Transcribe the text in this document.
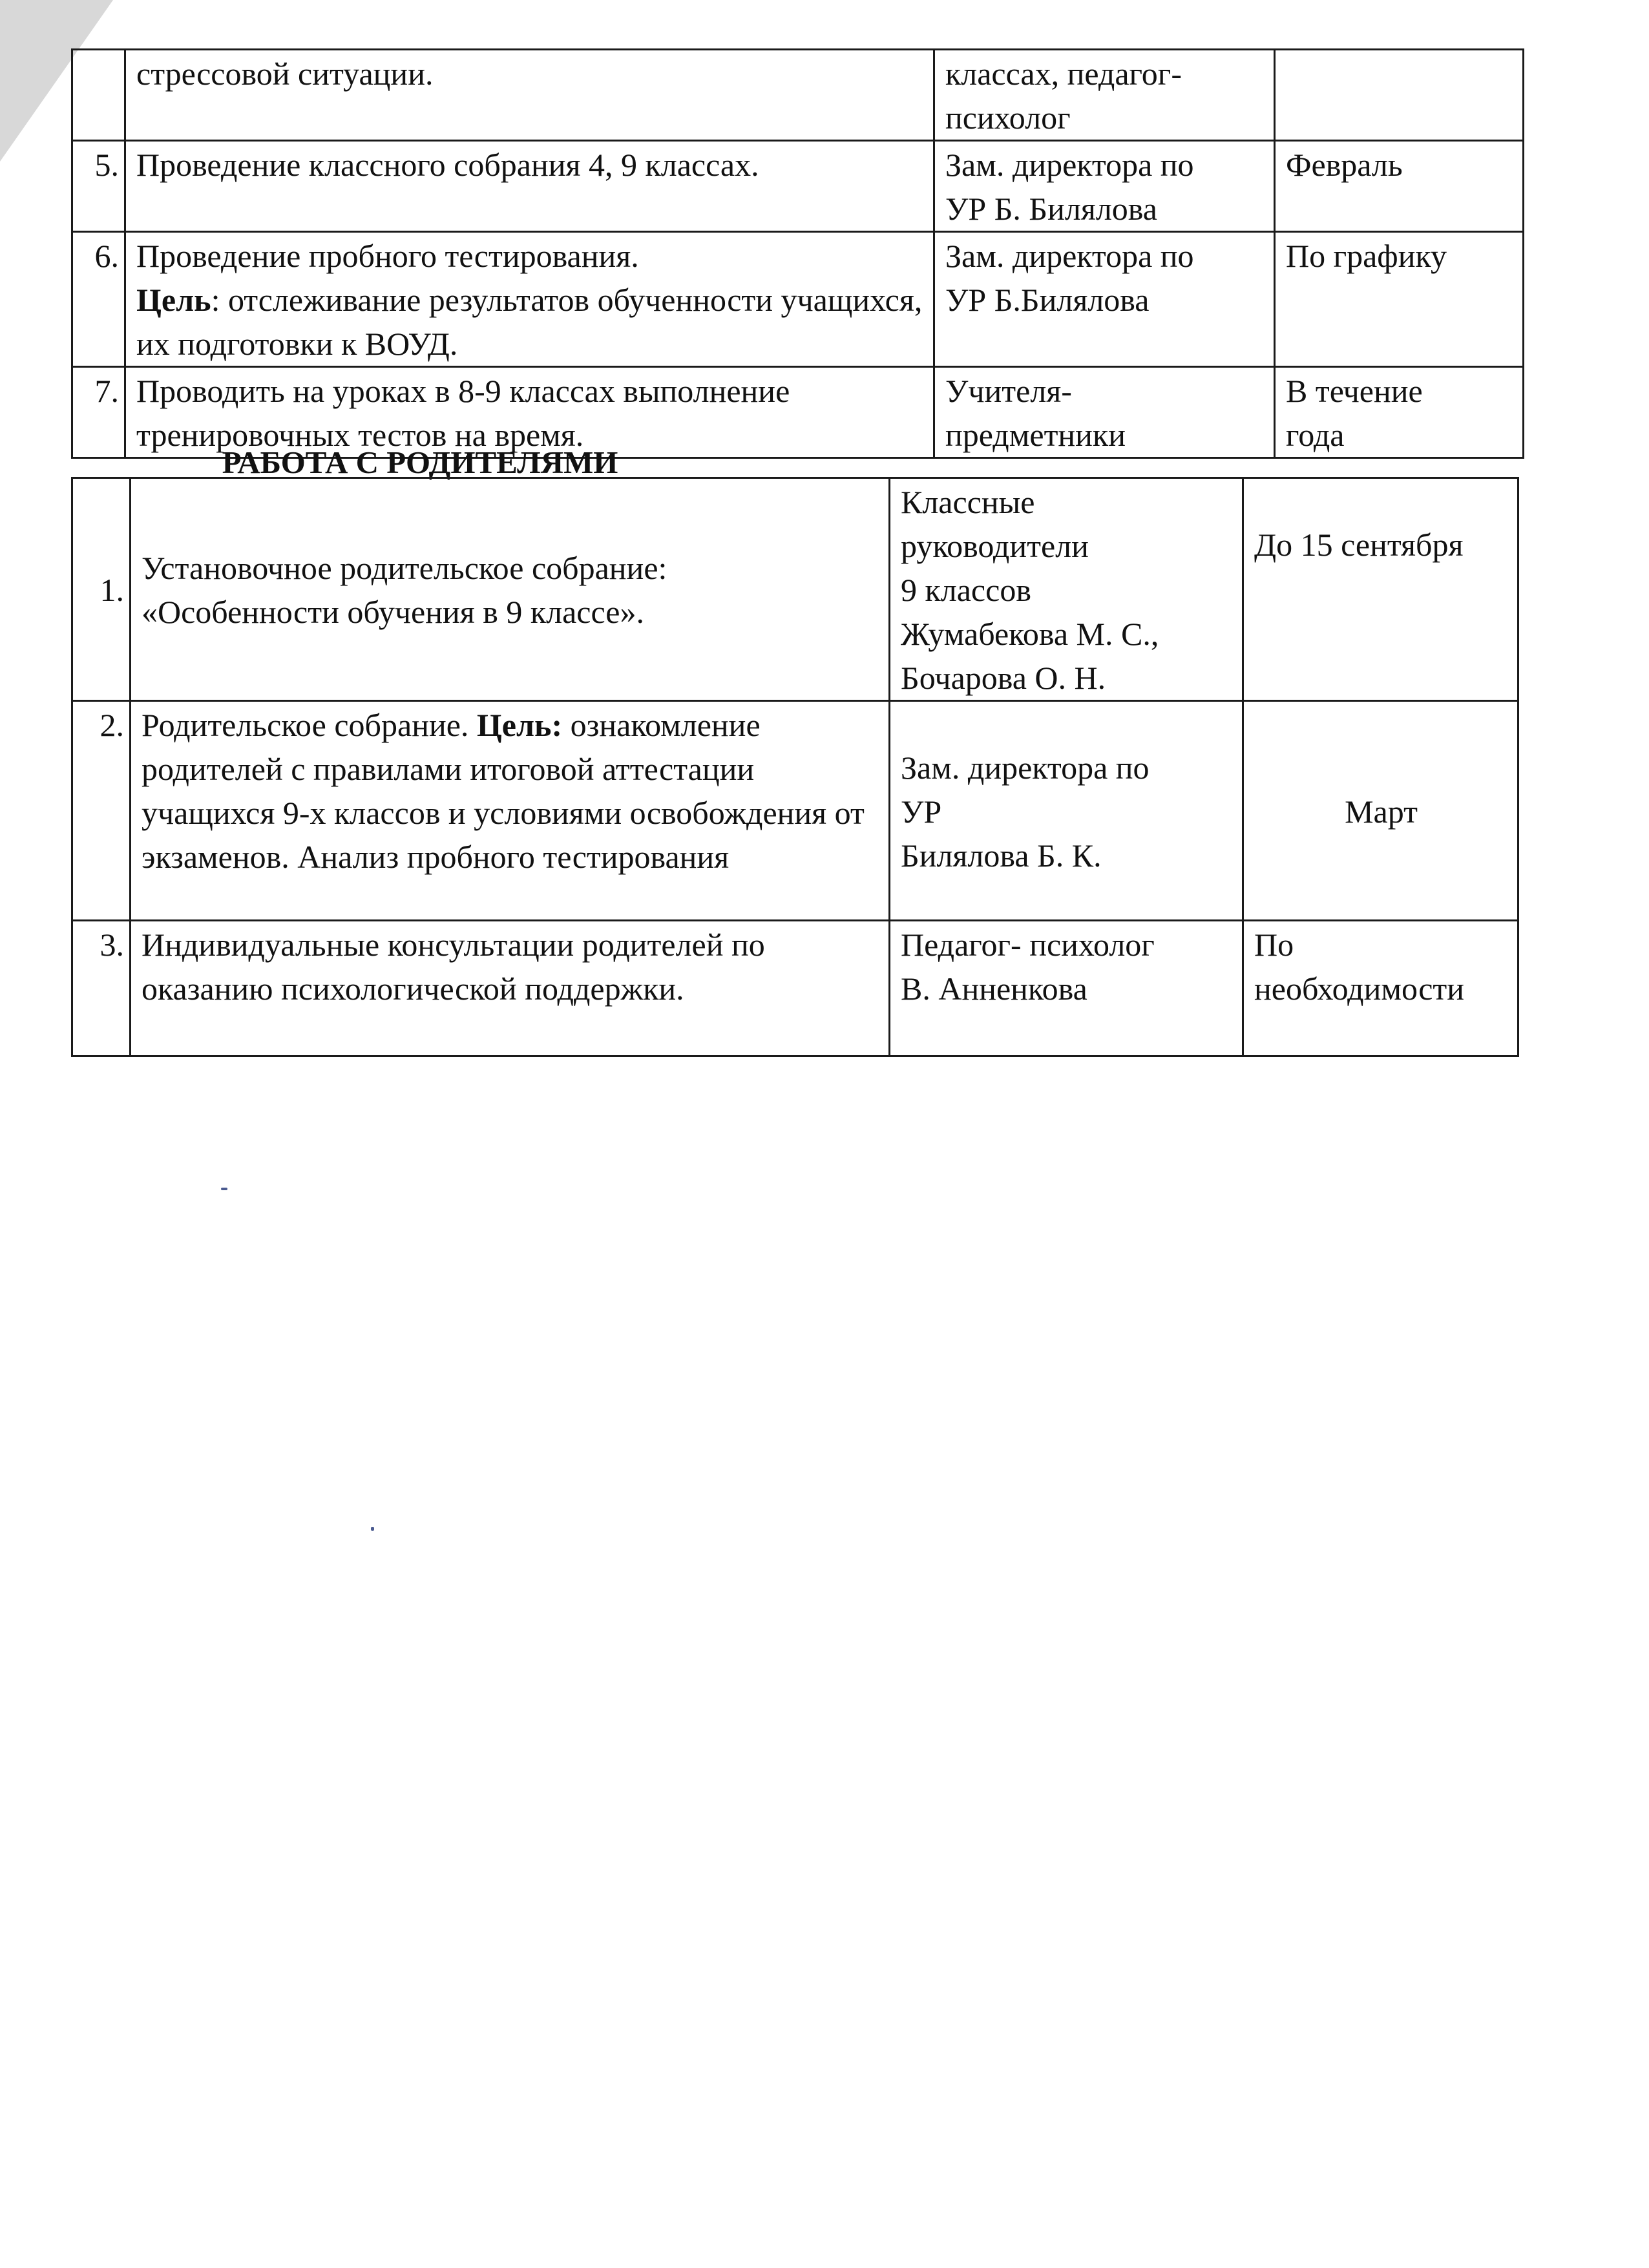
	стрессовой ситуации.	классах, педагог-
психолог	

5.	Проведение классного собрания 4, 9 классах.	Зам. директора по
УР Б. Билялова	Февраль

6.	Проведение пробного тестирования.
Цель: отслеживание результатов обученности учащихся, их подготовки к ВОУД.	Зам. директора по
УР Б.Билялова	По графику

7.	Проводить на уроках в 8-9 классах выполнение
тренировочных тестов на время.	Учителя-
предметники	В течение
года
РАБОТА С РОДИТЕЛЯМИ
1.	Установочное родительское собрание:
«Особенности обучения в 9 классе».	Классные
руководители
9 классов
Жумабекова М. С.,
Бочарова О. Н.	До 15 сентября

2.	Родительское собрание. Цель: ознакомление родителей с правилами итоговой аттестации учащихся 9-х классов и условиями освобождения от экзаменов. Анализ пробного тестирования	Зам. директора по
УР
Билялова Б. К.	Март

3.	Индивидуальные консультации родителей по
оказанию психологической поддержки.	Педагог- психолог
В. Анненкова	По
необходимости
